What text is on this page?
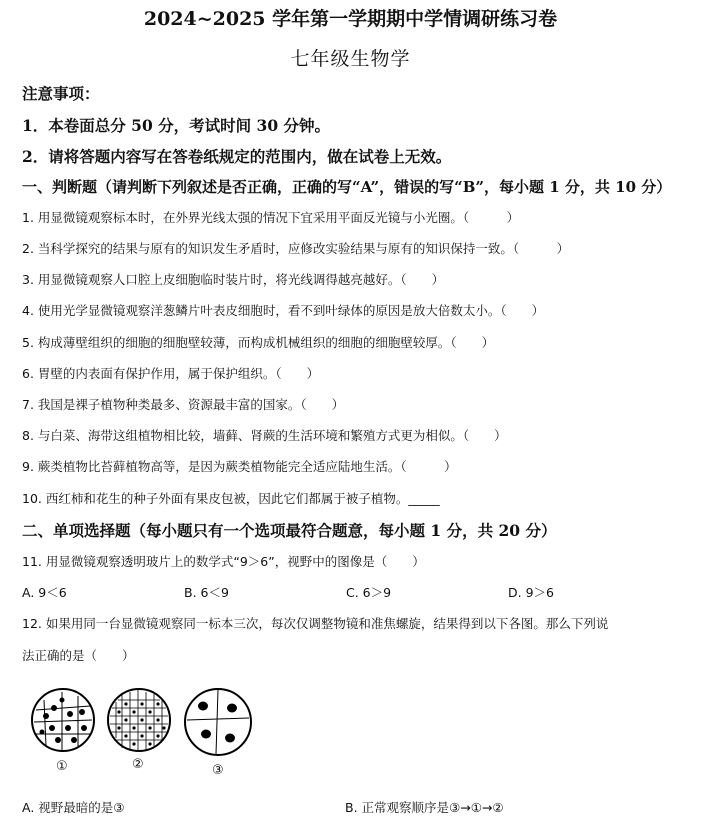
2024~2025 学年第一学期期中学情调研练习卷
七年级生物学
注意事项：
1．本卷面总分 50 分，考试时间 30 分钟。
2．请将答题内容写在答卷纸规定的范围内，做在试卷上无效。
一、判断题（请判断下列叙述是否正确，正确的写“A”，错误的写“B”，每小题 1 分，共 10 分）
1. 用显微镜观察标本时，在外界光线太强的情况下宜采用平面反光镜与小光圈。（　　　）
2. 当科学探究的结果与原有的知识发生矛盾时，应修改实验结果与原有的知识保持一致。（　　　）
3. 用显微镜观察人口腔上皮细胞临时装片时，将光线调得越亮越好。（　　）
4. 使用光学显微镜观察洋葱鳞片叶表皮细胞时，看不到叶绿体的原因是放大倍数太小。（　　）
5. 构成薄壁组织的细胞的细胞壁较薄，而构成机械组织的细胞的细胞壁较厚。（　　）
6. 胃壁的内表面有保护作用，属于保护组织。（　　）
7. 我国是裸子植物种类最多、资源最丰富的国家。（　　）
8. 与白菜、海带这组植物相比较，墙藓、肾蕨的生活环境和繁殖方式更为相似。（　　）
9. 蕨类植物比苔藓植物高等，是因为蕨类植物能完全适应陆地生活。（　　　）
10. 西红柿和花生的种子外面有果皮包被，因此它们都属于被子植物。_____
二、单项选择题（每小题只有一个选项最符合题意，每小题 1 分，共 20 分）
11. 用显微镜观察透明玻片上的数学式“9＞6”，视野中的图像是（　　）
A. 9＜6	B. 6＜9	C. 6＞9	D. 9＞6
12. 如果用同一台显微镜观察同一标本三次，每次仅调整物镜和准焦螺旋，结果得到以下各图。那么下列说
法正确的是（　　）
①	②	③
A. 视野最暗的是③	B. 正常观察顺序是③→①→②
